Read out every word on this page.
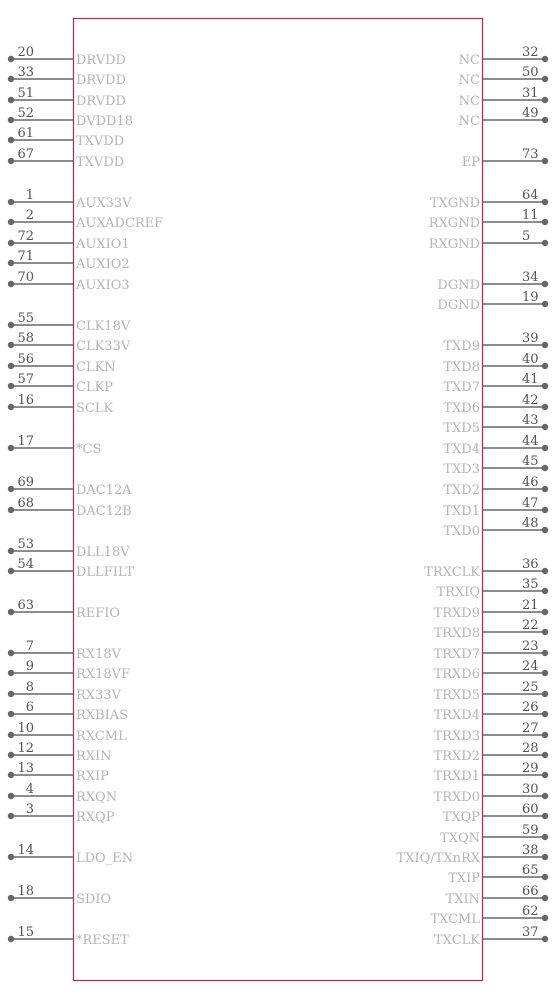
20
DRVDD
33
DRVDD
51
DRVDD
52
DVDD18
61
TXVDD
67
TXVDD
1
AUX33V
2
AUXADCREF
72
AUXIO1
71
AUXIO2
70
AUXIO3
55
CLK18V
58
CLK33V
56
CLKN
57
CLKP
16
SCLK
17
*CS
69
DAC12A
68
DAC12B
53
DLL18V
54
DLLFILT
63
REFIO
7
RX18V
9
RX18VF
8
RX33V
6
RXBIAS
10
RXCML
12
RXIN
13
RXIP
4
RXQN
3
RXQP
14
LDO_EN
18
SDIO
15
*RESET
32
NC
50
NC
31
NC
49
NC
73
EP
64
TXGND
11
RXGND
5
RXGND
34
DGND
19
DGND
39
TXD9
40
TXD8
41
TXD7
42
TXD6
43
TXD5
44
TXD4
45
TXD3
46
TXD2
47
TXD1
48
TXD0
36
TRXCLK
35
TRXIQ
21
TRXD9
22
TRXD8
23
TRXD7
24
TRXD6
25
TRXD5
26
TRXD4
27
TRXD3
28
TRXD2
29
TRXD1
30
TRXD0
60
TXQP
59
TXQN
38
TXIQ/TXnRX
65
TXIP
66
TXIN
62
TXCML
37
TXCLK
